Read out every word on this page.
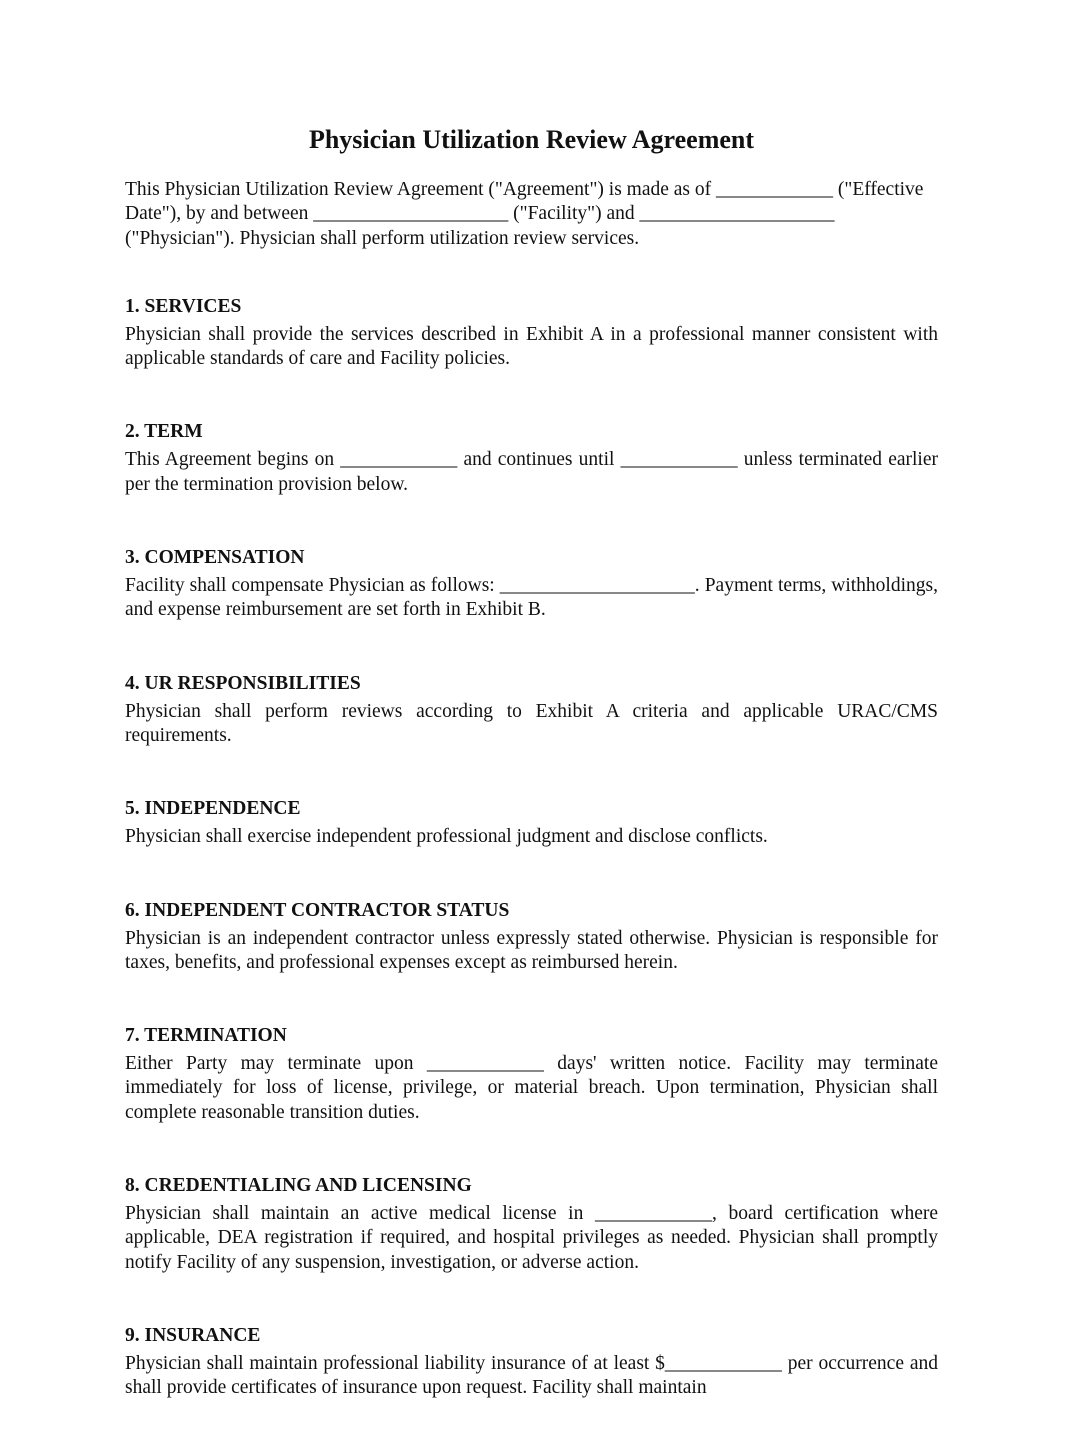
Physician Utilization Review Agreement

This Physician Utilization Review Agreement ("Agreement") is made as of ____________ ("Effective Date"), by and between ____________________ ("Facility") and ____________________ ("Physician"). Physician shall perform utilization review services.

1. SERVICES

Physician shall provide the services described in Exhibit A in a professional manner consistent with applicable standards of care and Facility policies.

2. TERM

This Agreement begins on ____________ and continues until ____________ unless terminated earlier per the termination provision below.

3. COMPENSATION

Facility shall compensate Physician as follows: ____________________. Payment terms, withholdings, and expense reimbursement are set forth in Exhibit B.

4. UR RESPONSIBILITIES

Physician shall perform reviews according to Exhibit A criteria and applicable URAC/CMS requirements.

5. INDEPENDENCE

Physician shall exercise independent professional judgment and disclose conflicts.

6. INDEPENDENT CONTRACTOR STATUS

Physician is an independent contractor unless expressly stated otherwise. Physician is responsible for taxes, benefits, and professional expenses except as reimbursed herein.

7. TERMINATION

Either Party may terminate upon ____________ days' written notice. Facility may terminate immediately for loss of license, privilege, or material breach. Upon termination, Physician shall complete reasonable transition duties.

8. CREDENTIALING AND LICENSING

Physician shall maintain an active medical license in ____________, board certification where applicable, DEA registration if required, and hospital privileges as needed. Physician shall promptly notify Facility of any suspension, investigation, or adverse action.

9. INSURANCE

Physician shall maintain professional liability insurance of at least $____________ per occurrence and shall provide certificates of insurance upon request. Facility shall maintain
